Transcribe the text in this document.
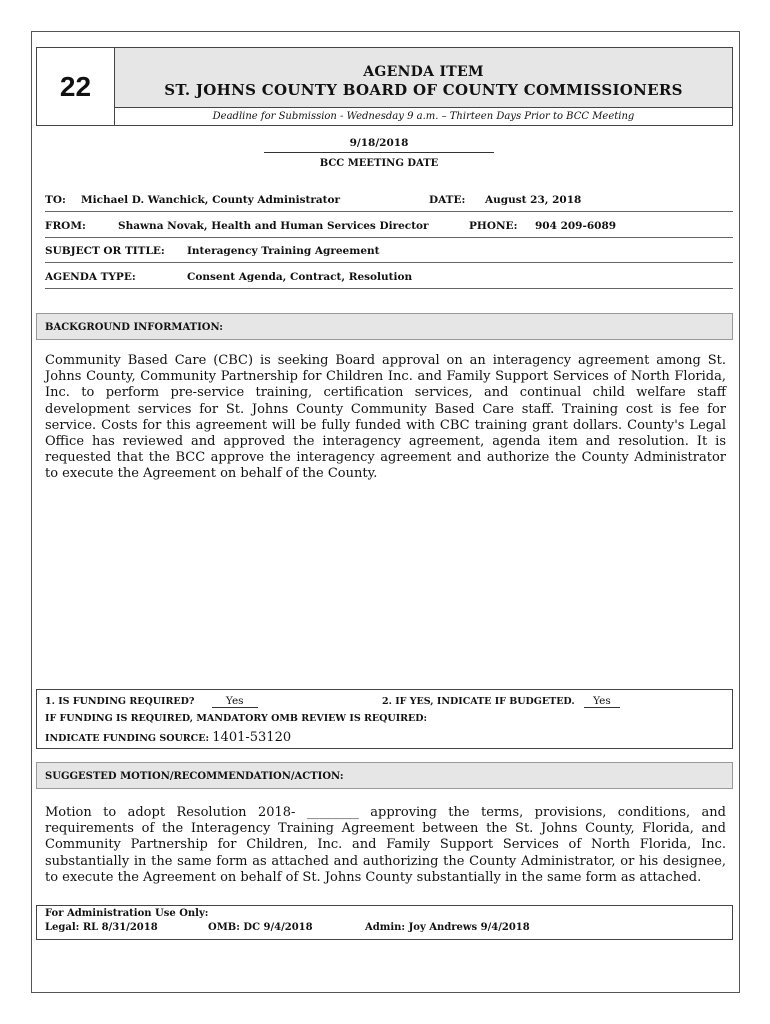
22	AGENDA ITEM
ST. JOHNS COUNTY BOARD OF COUNTY COMMISSIONERS
Deadline for Submission - Wednesday 9 a.m. – Thirteen Days Prior to BCC Meeting
9/18/2018
BCC MEETING DATE
TO: Michael D. Wanchick, County Administrator	DATE: August 23, 2018
FROM:	Shawna Novak, Health and Human Services Director	PHONE: 904 209-6089
SUBJECT OR TITLE: Interagency Training Agreement
AGENDA TYPE:	Consent Agenda, Contract, Resolution
BACKGROUND INFORMATION:
Community Based Care (CBC) is seeking Board approval on an interagency agreement among St. Johns County, Community Partnership for Children Inc. and Family Support Services of North Florida, Inc. to perform pre-service training, certification services, and continual child welfare staff development services for St. Johns County Community Based Care staff. Training cost is fee for service. Costs for this agreement will be fully funded with CBC training grant dollars. County's Legal Office has reviewed and approved the interagency agreement, agenda item and resolution. It is requested that the BCC approve the interagency agreement and authorize the County Administrator to execute the Agreement on behalf of the County.
1. IS FUNDING REQUIRED?	Yes	2. IF YES, INDICATE IF BUDGETED. Yes
IF FUNDING IS REQUIRED, MANDATORY OMB REVIEW IS REQUIRED:
INDICATE FUNDING SOURCE: 1401-53120
SUGGESTED MOTION/RECOMMENDATION/ACTION:
Motion to adopt Resolution 2018- ________ approving the terms, provisions, conditions, and requirements of the Interagency Training Agreement between the St. Johns County, Florida, and Community Partnership for Children, Inc. and Family Support Services of North Florida, Inc. substantially in the same form as attached and authorizing the County Administrator, or his designee, to execute the Agreement on behalf of St. Johns County substantially in the same form as attached.
For Administration Use Only:
Legal: RL 8/31/2018	OMB: DC 9/4/2018	Admin: Joy Andrews 9/4/2018
